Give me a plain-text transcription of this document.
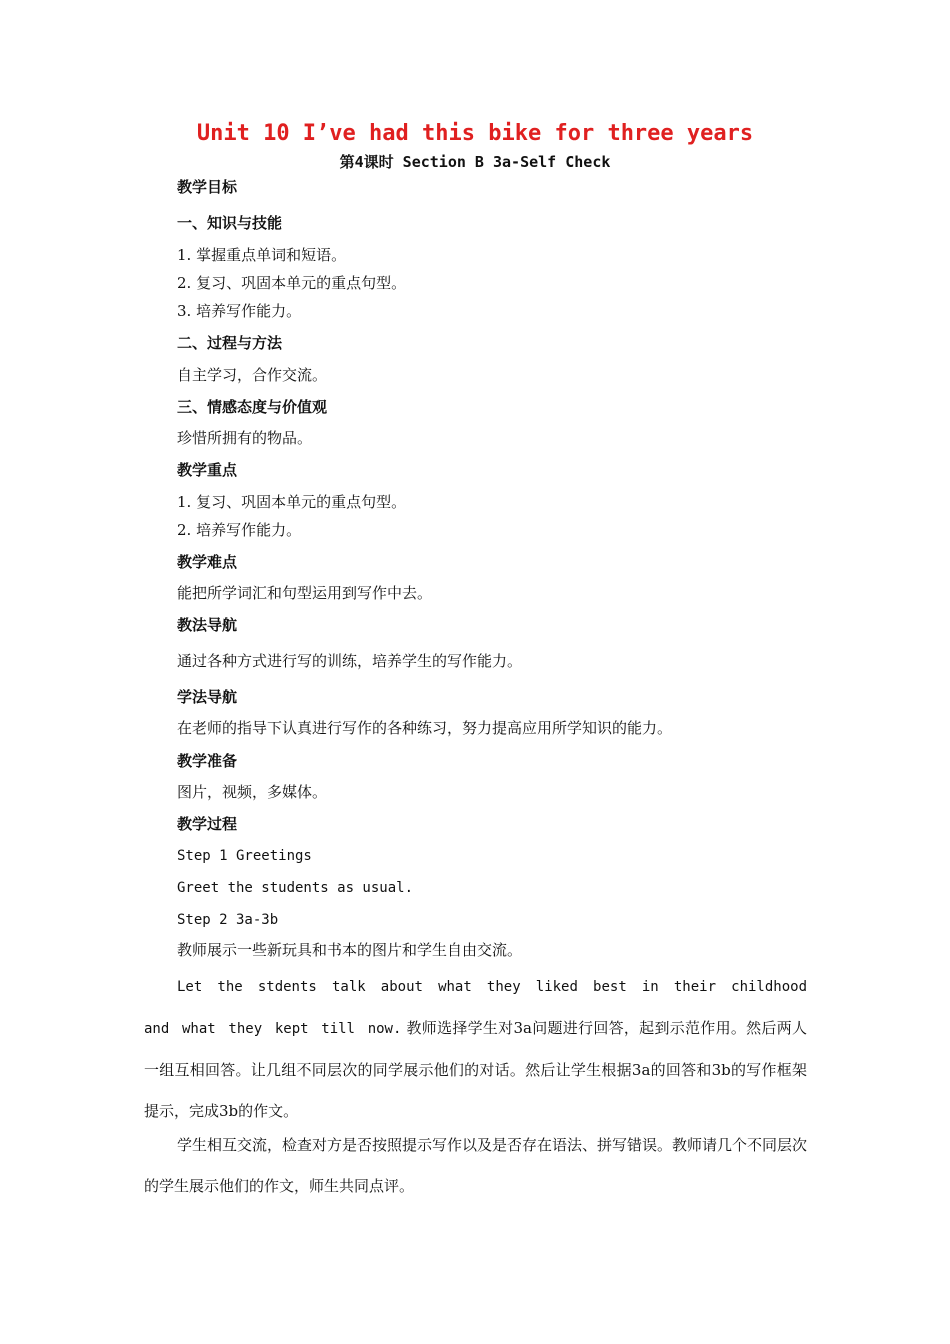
Unit 10 I’ve had this bike for three years
第4课时 Section B 3a-Self Check
教学目标
一、知识与技能
1. 掌握重点单词和短语。
2. 复习、巩固本单元的重点句型。
3. 培养写作能力。
二、过程与方法
自主学习，合作交流。
三、情感态度与价值观
珍惜所拥有的物品。
教学重点
1. 复习、巩固本单元的重点句型。
2. 培养写作能力。
教学难点
能把所学词汇和句型运用到写作中去。
教法导航
通过各种方式进行写的训练，培养学生的写作能力。
学法导航
在老师的指导下认真进行写作的各种练习，努力提高应用所学知识的能力。
教学准备
图片，视频，多媒体。
教学过程
Step 1 Greetings
Greet the students as usual.
Step 2 3a-3b
教师展示一些新玩具和书本的图片和学生自由交流。
Let the stdents talk about what they liked best in their childhood and what they kept till now. 教师选择学生对3a问题进行回答，起到示范作用。然后两人一组互相回答。让几组不同层次的同学展示他们的对话。然后让学生根据3a的回答和3b的写作框架提示，完成3b的作文。
学生相互交流，检查对方是否按照提示写作以及是否存在语法、拼写错误。教师请几个不同层次的学生展示他们的作文，师生共同点评。
